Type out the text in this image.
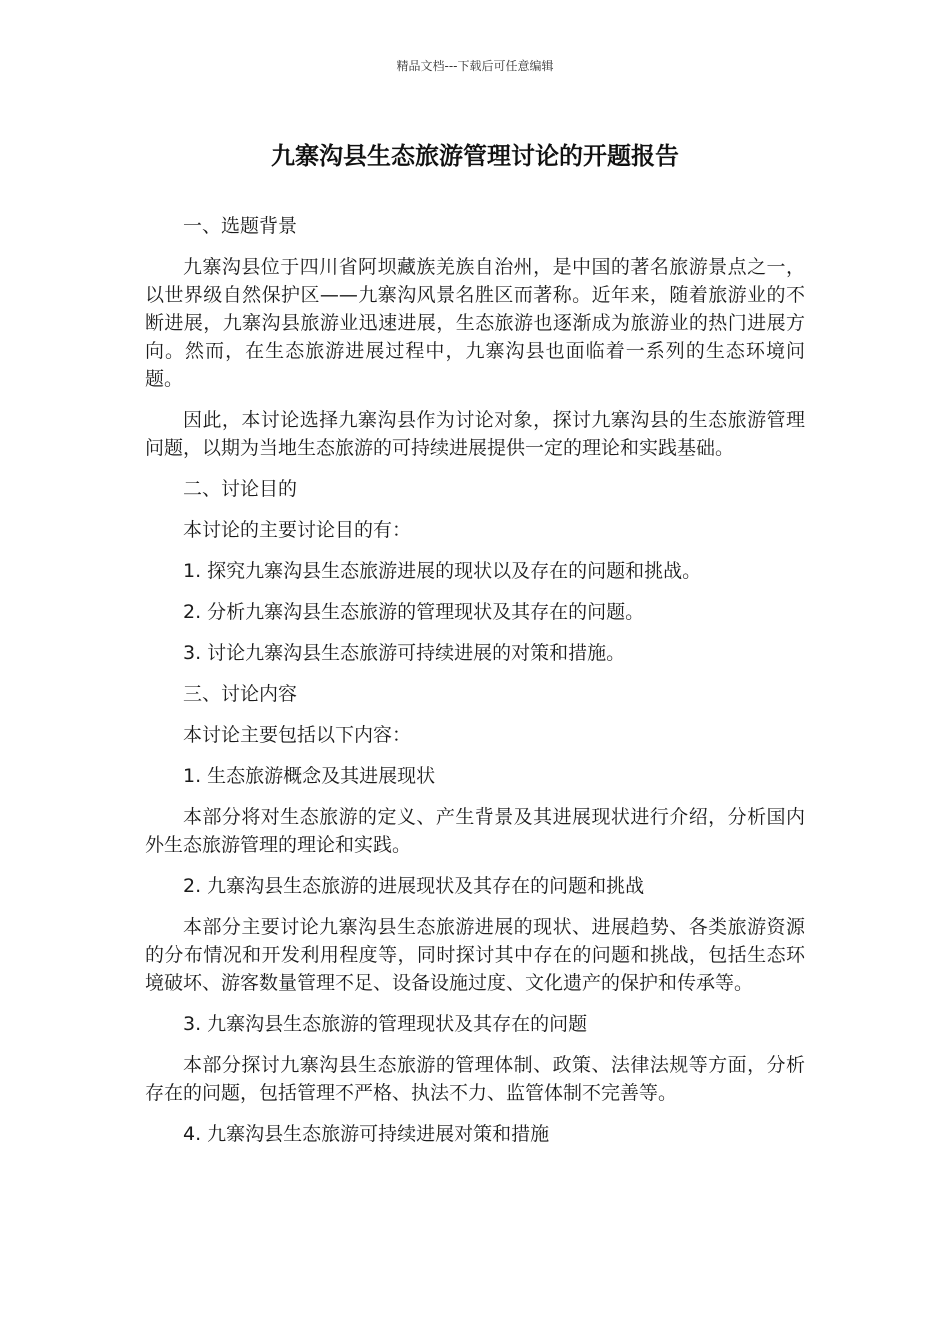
精品文档---下载后可任意编辑
九寨沟县生态旅游管理讨论的开题报告

一、选题背景

九寨沟县位于四川省阿坝藏族羌族自治州，是中国的著名旅游景点之一，以世界级自然保护区——九寨沟风景名胜区而著称。近年来，随着旅游业的不断进展，九寨沟县旅游业迅速进展，生态旅游也逐渐成为旅游业的热门进展方向。然而，在生态旅游进展过程中，九寨沟县也面临着一系列的生态环境问题。

因此，本讨论选择九寨沟县作为讨论对象，探讨九寨沟县的生态旅游管理问题，以期为当地生态旅游的可持续进展提供一定的理论和实践基础。

二、讨论目的

本讨论的主要讨论目的有：

1. 探究九寨沟县生态旅游进展的现状以及存在的问题和挑战。

2. 分析九寨沟县生态旅游的管理现状及其存在的问题。

3. 讨论九寨沟县生态旅游可持续进展的对策和措施。

三、讨论内容

本讨论主要包括以下内容：

1. 生态旅游概念及其进展现状

本部分将对生态旅游的定义、产生背景及其进展现状进行介绍，分析国内外生态旅游管理的理论和实践。

2. 九寨沟县生态旅游的进展现状及其存在的问题和挑战

本部分主要讨论九寨沟县生态旅游进展的现状、进展趋势、各类旅游资源的分布情况和开发利用程度等，同时探讨其中存在的问题和挑战，包括生态环境破坏、游客数量管理不足、设备设施过度、文化遗产的保护和传承等。

3. 九寨沟县生态旅游的管理现状及其存在的问题

本部分探讨九寨沟县生态旅游的管理体制、政策、法律法规等方面，分析存在的问题，包括管理不严格、执法不力、监管体制不完善等。

4. 九寨沟县生态旅游可持续进展对策和措施
